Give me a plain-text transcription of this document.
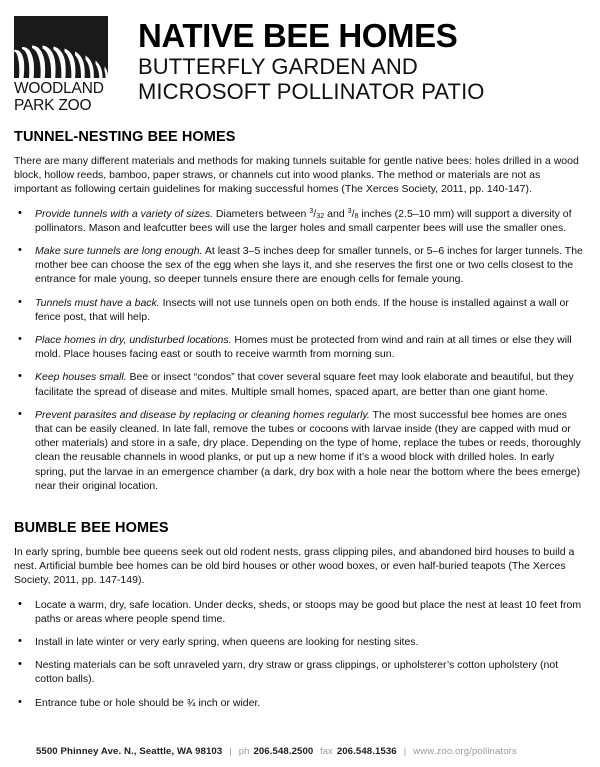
WOODLAND
PARK ZOO
NATIVE BEE HOMES
BUTTERFLY GARDEN AND
MICROSOFT POLLINATOR PATIO
TUNNEL-NESTING BEE HOMES

There are many different materials and methods for making tunnels suitable for gentle native bees: holes drilled in a wood block, hollow reeds, bamboo, paper straws, or channels cut into wood planks. The method or materials are not as important as following certain guidelines for making successful homes (The Xerces Society, 2011, pp. 140-147).

• Provide tunnels with a variety of sizes. Diameters between $^3/_{32}$ and $^3/_8$ inches (2.5–10 mm) will support a diversity of pollinators. Mason and leafcutter bees will use the larger holes and small carpenter bees will use the smaller ones.
• Make sure tunnels are long enough. At least 3–5 inches deep for smaller tunnels, or 5–6 inches for larger tunnels. The mother bee can choose the sex of the egg when she lays it, and she reserves the first one or two cells closest to the entrance for male young, so deeper tunnels ensure there are enough cells for female young.
• Tunnels must have a back. Insects will not use tunnels open on both ends. If the house is installed against a wall or fence post, that will help.
• Place homes in dry, undisturbed locations. Homes must be protected from wind and rain at all times or else they will mold. Place houses facing east or south to receive warmth from morning sun.
• Keep houses small. Bee or insect “condos” that cover several square feet may look elaborate and beautiful, but they facilitate the spread of disease and mites. Multiple small homes, spaced apart, are better than one giant home.
• Prevent parasites and disease by replacing or cleaning homes regularly. The most successful bee homes are ones that can be easily cleaned. In late fall, remove the tubes or cocoons with larvae inside (they are capped with mud or other materials) and store in a safe, dry place. Depending on the type of home, replace the tubes or reeds, thoroughly clean the reusable channels in wood planks, or put up a new home if it’s a wood block with drilled holes. In early spring, put the larvae in an emergence chamber (a dark, dry box with a hole near the bottom where the bees emerge) near their original location.
BUMBLE BEE HOMES

In early spring, bumble bee queens seek out old rodent nests, grass clipping piles, and abandoned bird houses to build a nest. Artificial bumble bee homes can be old bird houses or other wood boxes, or even half-buried teapots (The Xerces Society, 2011, pp. 147-149).

• Locate a warm, dry, safe location. Under decks, sheds, or stoops may be good but place the nest at least 10 feet from paths or areas where people spend time.
• Install in late winter or very early spring, when queens are looking for nesting sites.
• Nesting materials can be soft unraveled yarn, dry straw or grass clippings, or upholsterer’s cotton upholstery (not cotton balls).
• Entrance tube or hole should be ¾ inch or wider.
5500 Phinney Ave. N., Seattle, WA 98103 | ph 206.548.2500 fax 206.548.1536 | www.zoo.org/pollinators
